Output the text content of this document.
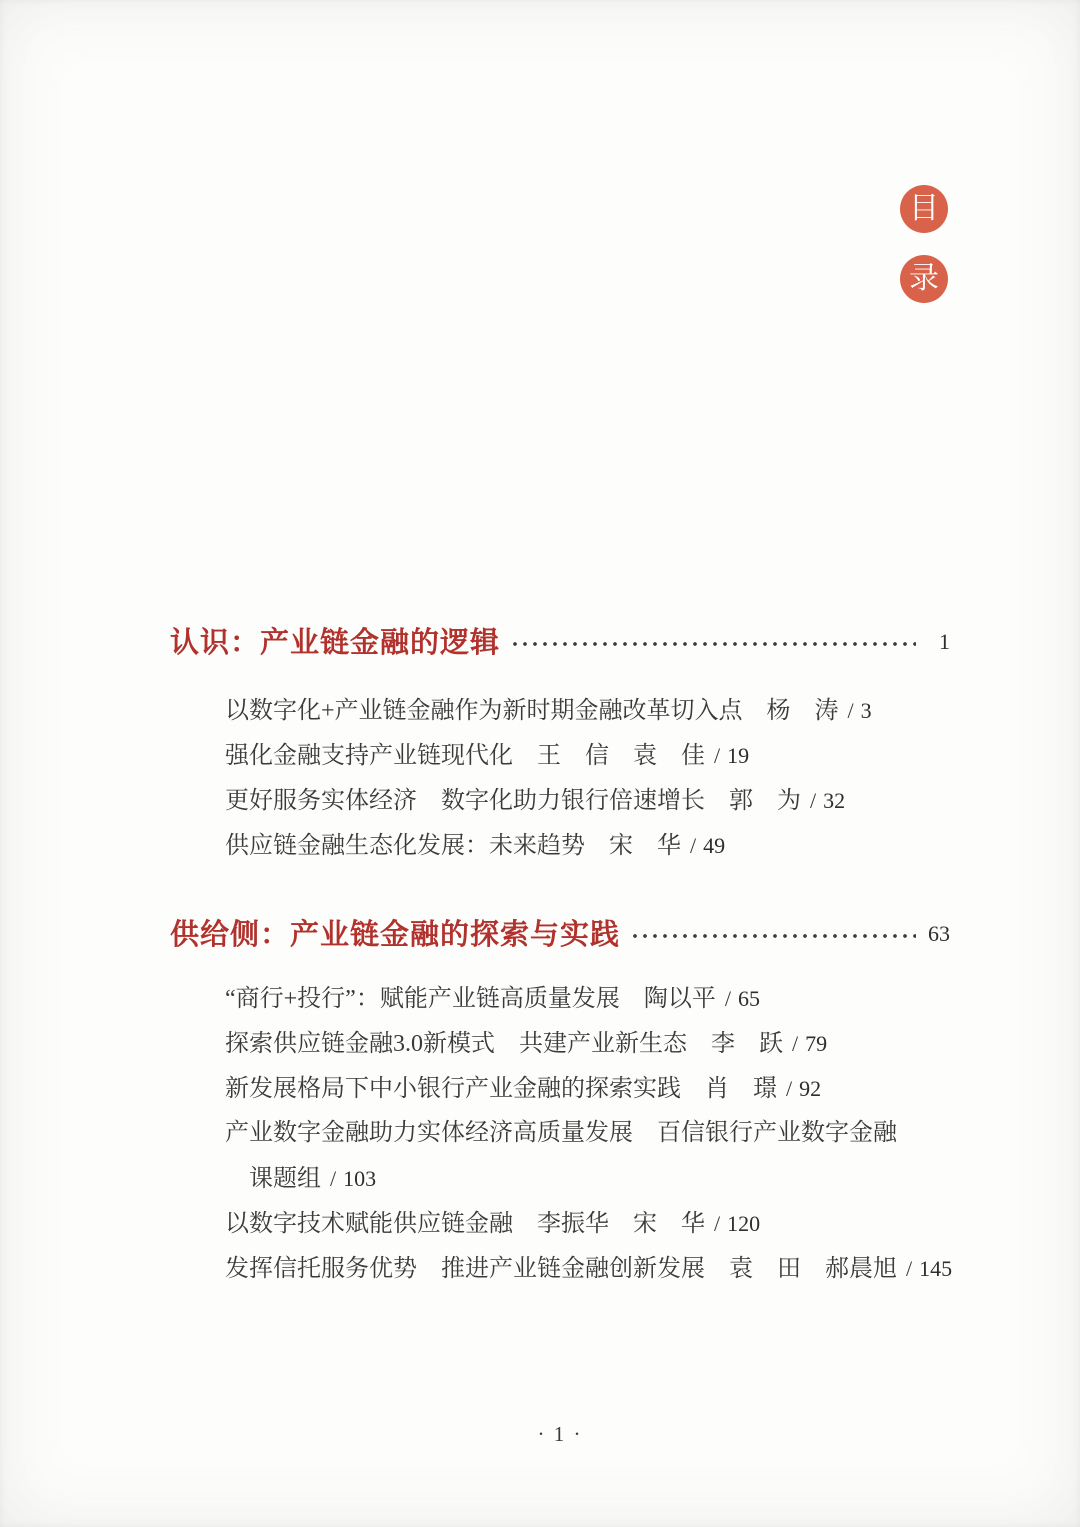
目
录
认识：产业链金融的逻辑	1
以数字化+产业链金融作为新时期金融改革切入点　杨　涛 / 3
强化金融支持产业链现代化　王　信　袁　佳 / 19
更好服务实体经济　数字化助力银行倍速增长　郭　为 / 32
供应链金融生态化发展：未来趋势　宋　华 / 49
供给侧：产业链金融的探索与实践	63
“商行+投行”：赋能产业链高质量发展　陶以平 / 65
探索供应链金融3.0新模式　共建产业新生态　李　跃 / 79
新发展格局下中小银行产业金融的探索实践　肖　璟 / 92
产业数字金融助力实体经济高质量发展　百信银行产业数字金融
课题组 / 103
以数字技术赋能供应链金融　李振华　宋　华 / 120
发挥信托服务优势　推进产业链金融创新发展　袁　田　郝晨旭 / 145
· 1 ·
